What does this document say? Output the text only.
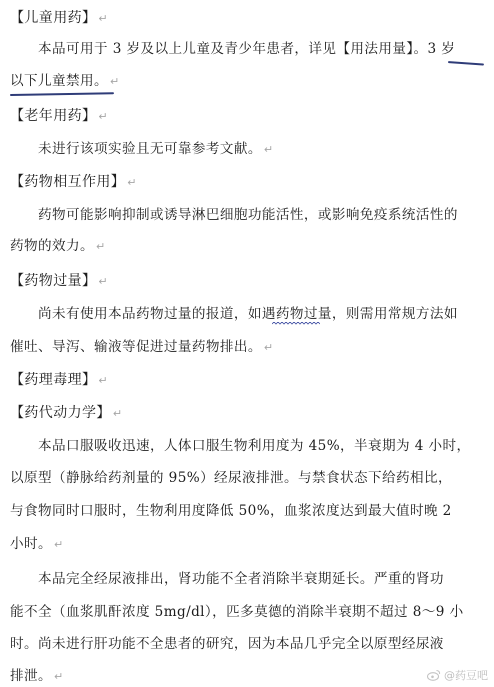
【儿童用药】 ↵
本品可用于 3 岁及以上儿童及青少年患者，详见【用法用量】。3 岁
以下儿童禁用。 ↵
【老年用药】 ↵
未进行该项实验且无可靠参考文献。 ↵
【药物相互作用】 ↵
药物可能影响抑制或诱导淋巴细胞功能活性，或影响免疫系统活性的
药物的效力。 ↵
【药物过量】 ↵
尚未有使用本品药物过量的报道，如遇药物过量，则需用常规方法如
催吐、导泻、输液等促进过量药物排出。 ↵
【药理毒理】 ↵
【药代动力学】 ↵
本品口服吸收迅速，人体口服生物利用度为 45%，半衰期为 4 小时，
以原型（静脉给药剂量的 95%）经尿液排泄。与禁食状态下给药相比，
与食物同时口服时，生物利用度降低 50%，血浆浓度达到最大值时晚 2
小时。 ↵
本品完全经尿液排出，肾功能不全者消除半衰期延长。严重的肾功
能不全（血浆肌酐浓度 5mg/dl），匹多莫德的消除半衰期不超过 8～9 小
时。尚未进行肝功能不全患者的研究，因为本品几乎完全以原型经尿液
排泄。 ↵	@药豆吧
